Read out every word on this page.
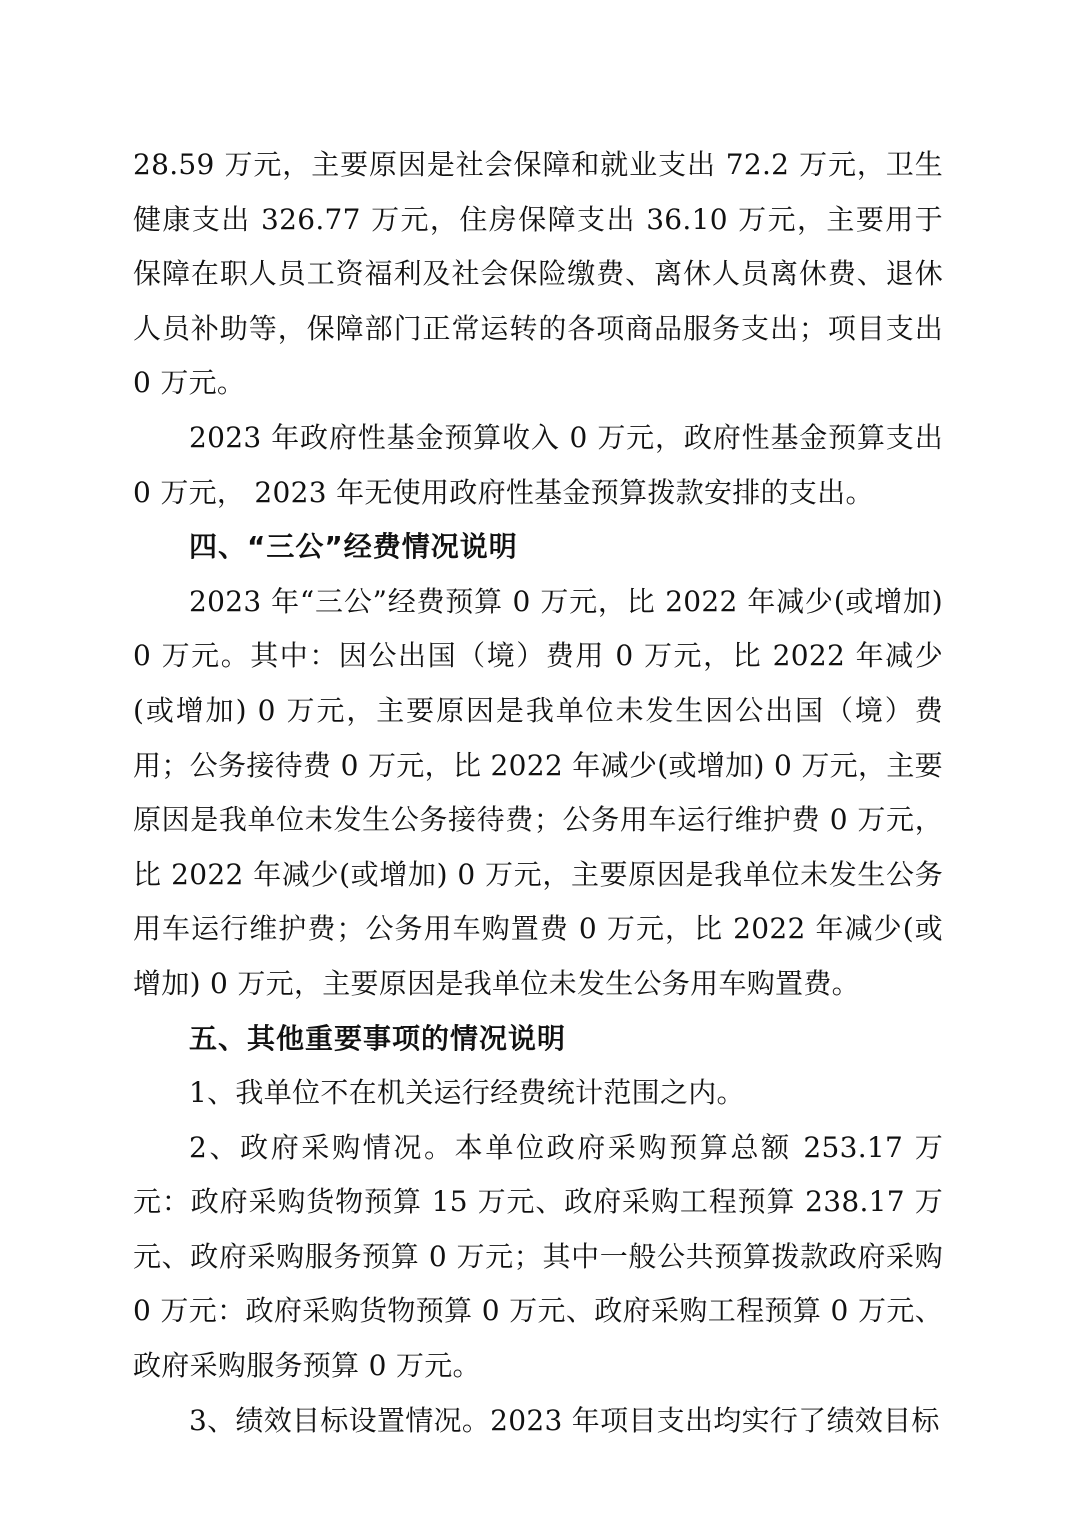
28.59 万元，主要原因是社会保障和就业支出 72.2 万元，卫生健康支出 326.77 万元，住房保障支出 36.10 万元，主要用于保障在职人员工资福利及社会保险缴费、离休人员离休费、退休人员补助等，保障部门正常运转的各项商品服务支出；项目支出 0 万元。

2023 年政府性基金预算收入 0 万元，政府性基金预算支出 0 万元， 2023 年无使用政府性基金预算拨款安排的支出。

四、“三公”经费情况说明

2023 年“三公”经费预算 0 万元，比 2022 年减少(或增加) 0 万元。其中：因公出国（境）费用 0 万元，比 2022 年减少(或增加) 0 万元，主要原因是我单位未发生因公出国（境）费用；公务接待费 0 万元，比 2022 年减少(或增加) 0 万元，主要原因是我单位未发生公务接待费；公务用车运行维护费 0 万元，比 2022 年减少(或增加) 0 万元，主要原因是我单位未发生公务用车运行维护费；公务用车购置费 0 万元，比 2022 年减少(或增加) 0 万元，主要原因是我单位未发生公务用车购置费。

五、其他重要事项的情况说明

1、我单位不在机关运行经费统计范围之内。

2、政府采购情况。本单位政府采购预算总额 253.17 万元：政府采购货物预算 15 万元、政府采购工程预算 238.17 万元、政府采购服务预算 0 万元；其中一般公共预算拨款政府采购 0 万元：政府采购货物预算 0 万元、政府采购工程预算 0 万元、政府采购服务预算 0 万元。

3、绩效目标设置情况。2023 年项目支出均实行了绩效目标
